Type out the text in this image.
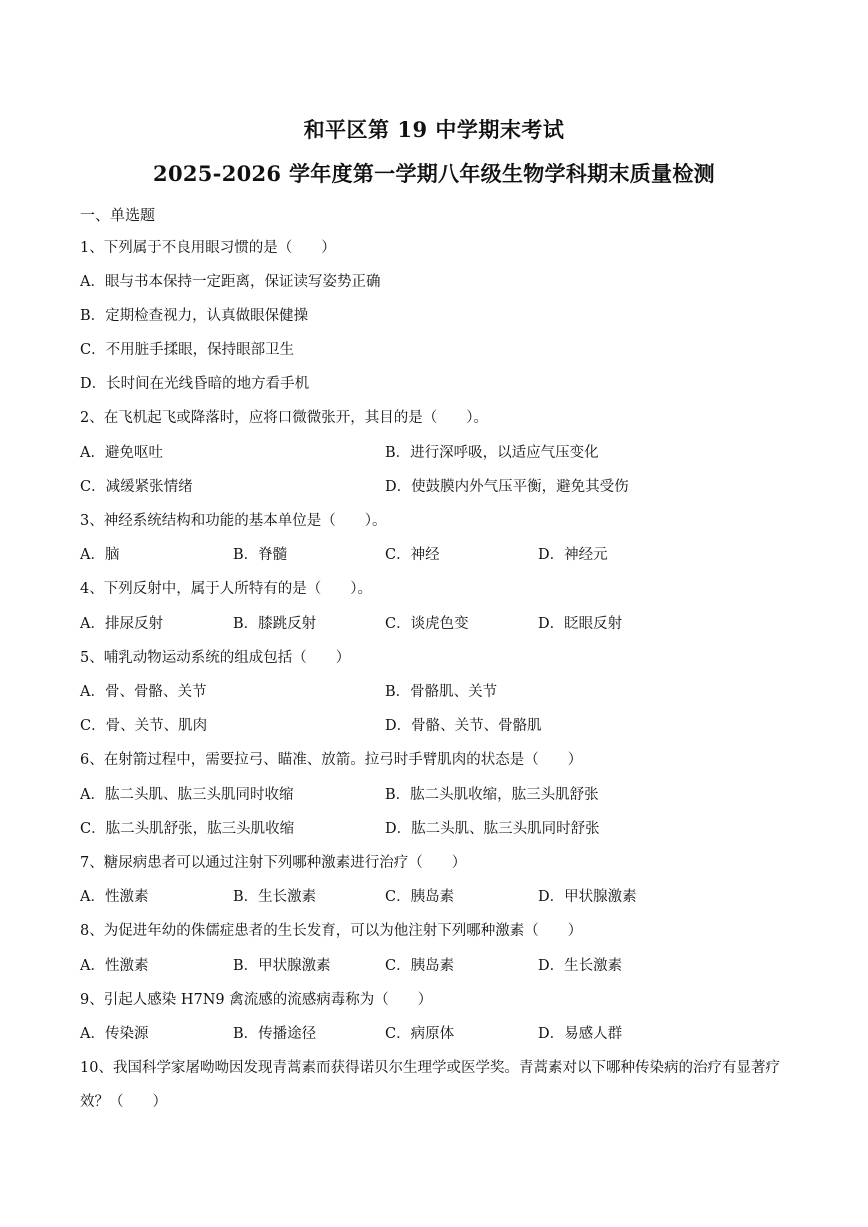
和平区第 19 中学期末考试
2025-2026 学年度第一学期八年级生物学科期末质量检测
一、单选题
1、下列属于不良用眼习惯的是（　　）
A．眼与书本保持一定距离，保证读写姿势正确
B．定期检查视力，认真做眼保健操
C．不用脏手揉眼，保持眼部卫生
D．长时间在光线昏暗的地方看手机
2、在飞机起飞或降落时，应将口微微张开，其目的是（　　）。
A．避免呕吐	B．进行深呼吸，以适应气压变化
C．减缓紧张情绪	D．使鼓膜内外气压平衡，避免其受伤
3、神经系统结构和功能的基本单位是（　　）。
A．脑	B．脊髓	C．神经	D．神经元
4、下列反射中，属于人所特有的是（　　）。
A．排尿反射	B．膝跳反射	C．谈虎色变	D．眨眼反射
5、哺乳动物运动系统的组成包括（　　）
A．骨、骨骼、关节	B．骨骼肌、关节
C．骨、关节、肌肉	D．骨骼、关节、骨骼肌
6、在射箭过程中，需要拉弓、瞄准、放箭。拉弓时手臂肌肉的状态是（　　）
A．肱二头肌、肱三头肌同时收缩	B．肱二头肌收缩，肱三头肌舒张
C．肱二头肌舒张，肱三头肌收缩	D．肱二头肌、肱三头肌同时舒张
7、糖尿病患者可以通过注射下列哪种激素进行治疗（　　）
A．性激素	B．生长激素	C．胰岛素	D．甲状腺激素
8、为促进年幼的侏儒症患者的生长发育，可以为他注射下列哪种激素（　　）
A．性激素	B．甲状腺激素	C．胰岛素	D．生长激素
9、引起人感染 H7N9 禽流感的流感病毒称为（　　）
A．传染源	B．传播途径	C．病原体	D．易感人群
10、我国科学家屠呦呦因发现青蒿素而获得诺贝尔生理学或医学奖。青蒿素对以下哪种传染病的治疗有显著疗效？（　　）
